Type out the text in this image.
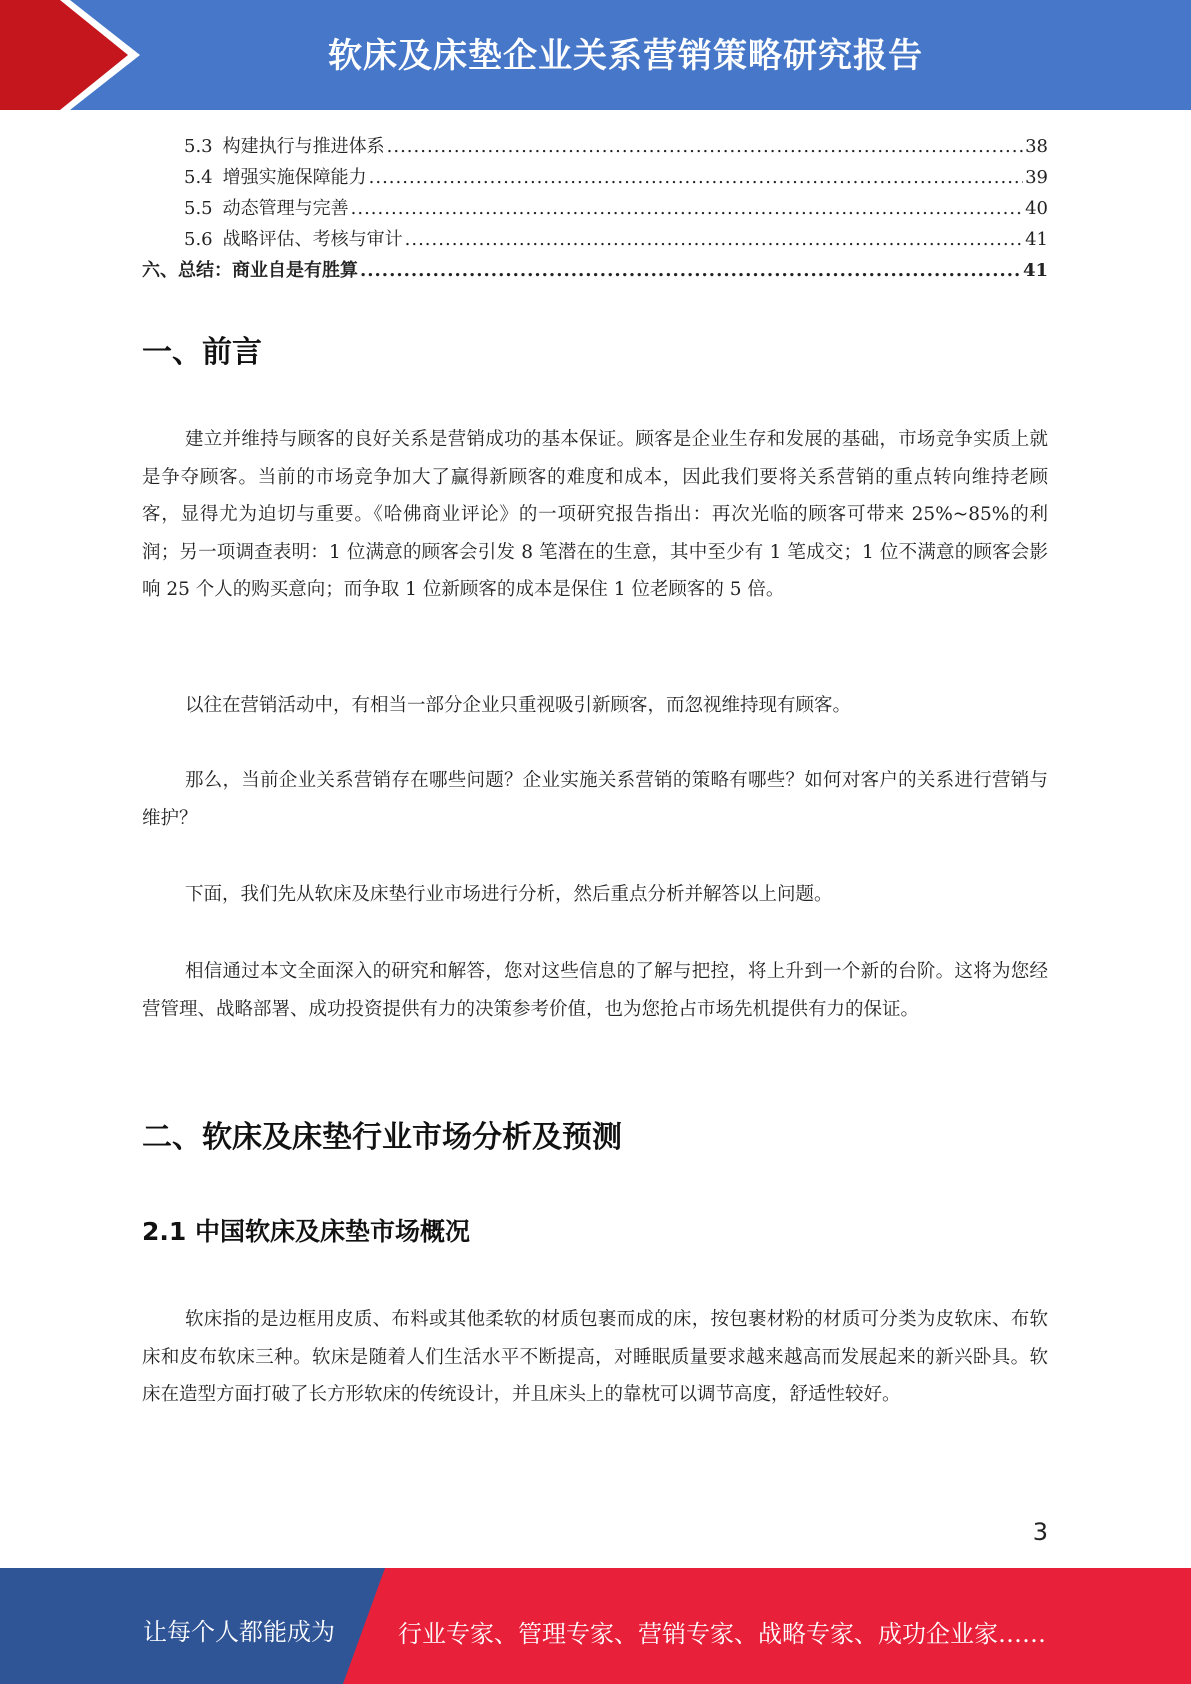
软床及床垫企业关系营销策略研究报告
5.3 构建执行与推进体系 .....	38
5.4 增强实施保障能力 .....	39
5.5 动态管理与完善 .....	40
5.6 战略评估、考核与审计 .....	41
六、总结：商业自是有胜算 .....	41
一、前言

建立并维持与顾客的良好关系是营销成功的基本保证。顾客是企业生存和发展的基础，市场竞争实质上就是争夺顾客。当前的市场竞争加大了赢得新顾客的难度和成本，因此我们要将关系营销的重点转向维持老顾客，显得尤为迫切与重要。《哈佛商业评论》的一项研究报告指出：再次光临的顾客可带来 25%~85%的利润；另一项调查表明：1 位满意的顾客会引发 8 笔潜在的生意，其中至少有 1 笔成交；1 位不满意的顾客会影响 25 个人的购买意向；而争取 1 位新顾客的成本是保住 1 位老顾客的 5 倍。

以往在营销活动中，有相当一部分企业只重视吸引新顾客，而忽视维持现有顾客。

那么，当前企业关系营销存在哪些问题？企业实施关系营销的策略有哪些？如何对客户的关系进行营销与维护？

下面，我们先从软床及床垫行业市场进行分析，然后重点分析并解答以上问题。

相信通过本文全面深入的研究和解答，您对这些信息的了解与把控，将上升到一个新的台阶。这将为您经营管理、战略部署、成功投资提供有力的决策参考价值，也为您抢占市场先机提供有力的保证。

二、软床及床垫行业市场分析及预测
2.1 中国软床及床垫市场概况

软床指的是边框用皮质、布料或其他柔软的材质包裹而成的床，按包裹材粉的材质可分类为皮软床、布软床和皮布软床三种。软床是随着人们生活水平不断提高，对睡眠质量要求越来越高而发展起来的新兴卧具。软床在造型方面打破了长方形软床的传统设计，并且床头上的靠枕可以调节高度，舒适性较好。

3
让每个人都能成为	行业专家、管理专家、营销专家、战略专家、成功企业家……
